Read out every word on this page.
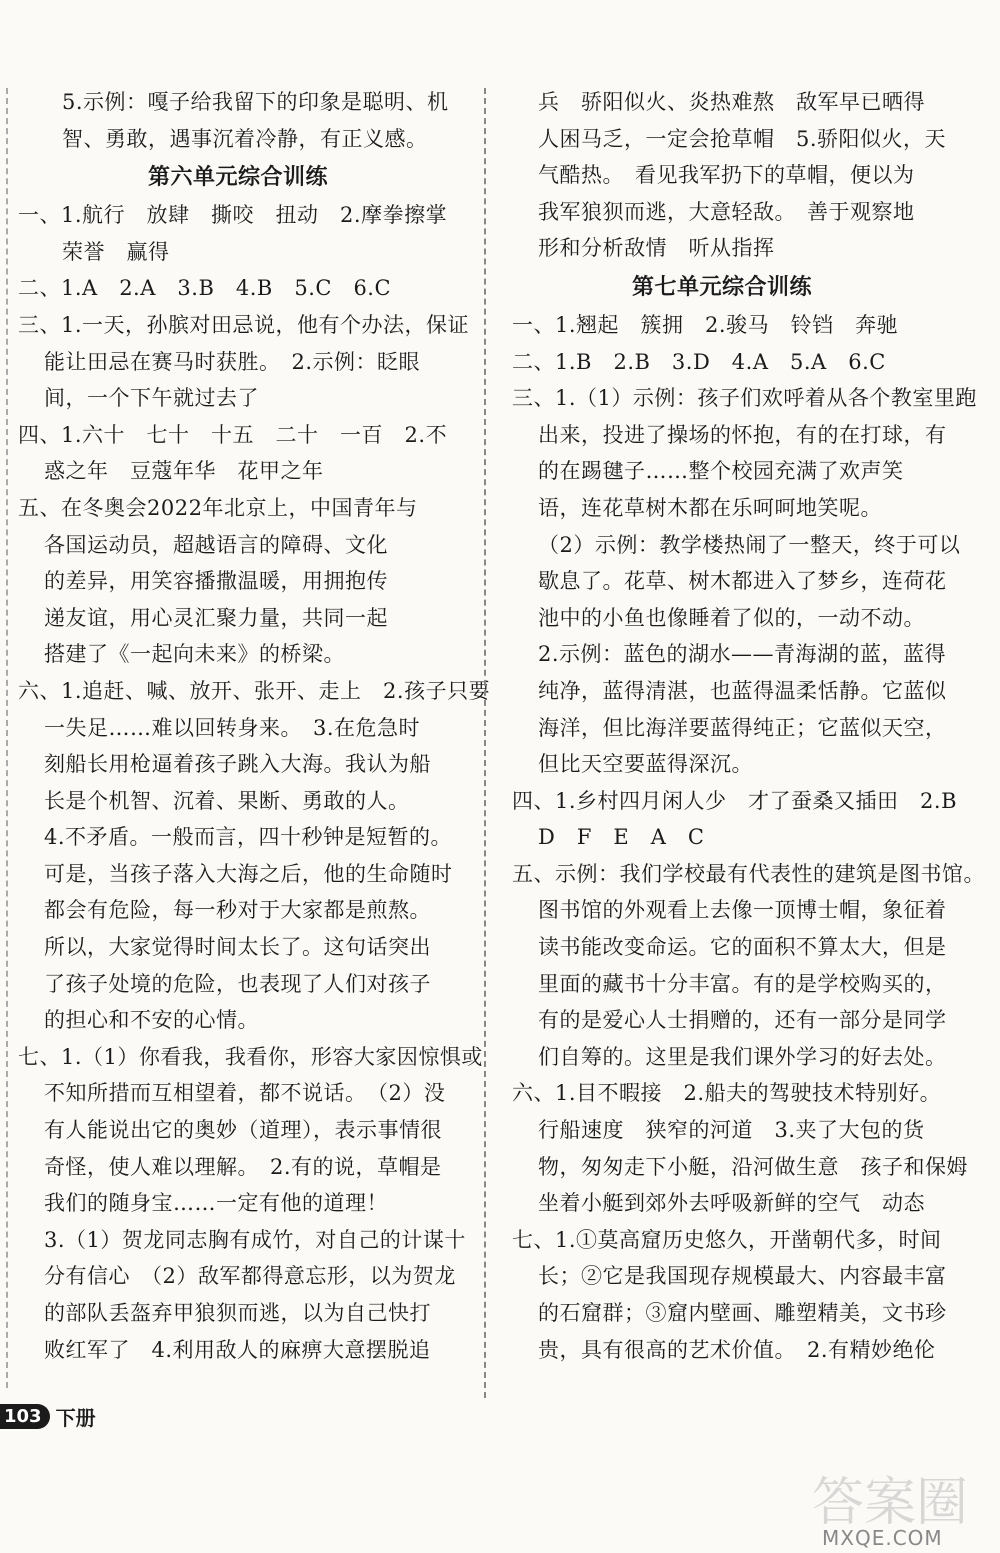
5.示例：嘎子给我留下的印象是聪明、机
智、勇敢，遇事沉着冷静，有正义感。
第六单元综合训练
一、1.航行　放肆　撕咬　扭动　2.摩拳擦掌
荣誉　赢得
二、1.A　2.A　3.B　4.B　5.C　6.C
三、1.一天，孙膑对田忌说，他有个办法，保证
能让田忌在赛马时获胜。　2.示例：眨眼
间，一个下午就过去了
四、1.六十　七十　十五　二十　一百　2.不
惑之年　豆蔻年华　花甲之年
五、在冬奥会2022年北京上，中国青年与
各国运动员，超越语言的障碍、文化
的差异，用笑容播撒温暖，用拥抱传
递友谊，用心灵汇聚力量，共同一起
搭建了《一起向未来》的桥梁。
六、1.追赶、喊、放开、张开、走上　2.孩子只要
一失足……难以回转身来。　3.在危急时
刻船长用枪逼着孩子跳入大海。我认为船
长是个机智、沉着、果断、勇敢的人。
4.不矛盾。一般而言，四十秒钟是短暂的。
可是，当孩子落入大海之后，他的生命随时
都会有危险，每一秒对于大家都是煎熬。
所以，大家觉得时间太长了。这句话突出
了孩子处境的危险，也表现了人们对孩子
的担心和不安的心情。
七、1.（1）你看我，我看你，形容大家因惊惧或
不知所措而互相望着，都不说话。　（2）没
有人能说出它的奥妙（道理），表示事情很
奇怪，使人难以理解。　2.有的说，草帽是
我们的随身宝……一定有他的道理！
3.（1）贺龙同志胸有成竹，对自己的计谋十
分有信心　（2）敌军都得意忘形，以为贺龙
的部队丢盔弃甲狼狈而逃，以为自己快打
败红军了　4.利用敌人的麻痹大意摆脱追
兵　骄阳似火、炎热难熬　敌军早已晒得
人困马乏，一定会抢草帽　5.骄阳似火，天
气酷热。　看见我军扔下的草帽，便以为
我军狼狈而逃，大意轻敌。　善于观察地
形和分析敌情　听从指挥
第七单元综合训练
一、1.翘起　簇拥　2.骏马　铃铛　奔驰
二、1.B　2.B　3.D　4.A　5.A　6.C
三、1.（1）示例：孩子们欢呼着从各个教室里跑
出来，投进了操场的怀抱，有的在打球，有
的在踢毽子……整个校园充满了欢声笑
语，连花草树木都在乐呵呵地笑呢。
（2）示例：教学楼热闹了一整天，终于可以
歇息了。花草、树木都进入了梦乡，连荷花
池中的小鱼也像睡着了似的，一动不动。
2.示例：蓝色的湖水——青海湖的蓝，蓝得
纯净，蓝得清湛，也蓝得温柔恬静。它蓝似
海洋，但比海洋要蓝得纯正；它蓝似天空，
但比天空要蓝得深沉。
四、1.乡村四月闲人少　才了蚕桑又插田　2.B
D　F　E　A　C
五、示例：我们学校最有代表性的建筑是图书馆。
图书馆的外观看上去像一顶博士帽，象征着
读书能改变命运。它的面积不算太大，但是
里面的藏书十分丰富。有的是学校购买的，
有的是爱心人士捐赠的，还有一部分是同学
们自筹的。这里是我们课外学习的好去处。
六、1.目不暇接　2.船夫的驾驶技术特别好。
行船速度　狭窄的河道　3.夹了大包的货
物，匆匆走下小艇，沿河做生意　孩子和保姆
坐着小艇到郊外去呼吸新鲜的空气　动态
七、1.①莫高窟历史悠久，开凿朝代多，时间
长；②它是我国现存规模最大、内容最丰富
的石窟群；③窟内壁画、雕塑精美，文书珍
贵，具有很高的艺术价值。　2.有精妙绝伦
103 下册
答案圈
MXQE.COM
